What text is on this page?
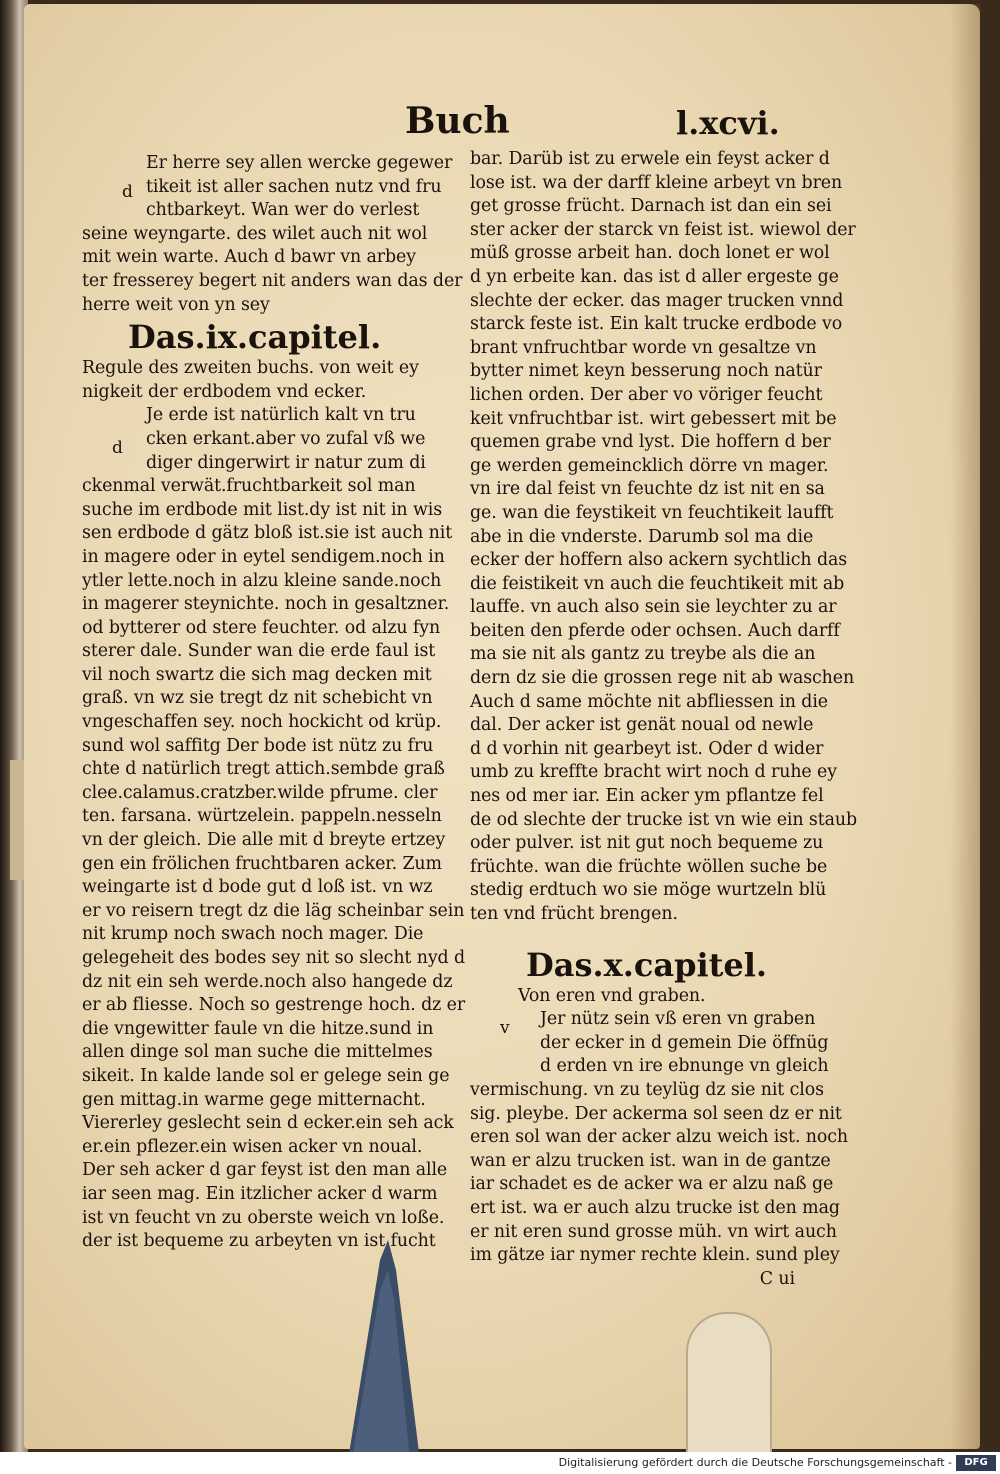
Buch	l.xcvi.
Er herre sey allen wercke gegewer
tikeit ist aller sachen nutz vnd fru
chtbarkeyt. Wan wer do verlest
seine weyngarte. des wilet auch nit wol
mit wein warte. Auch d bawr vn arbey
ter fresserey begert nit anders wan das der
herre weit von yn sey
Das.ix.capitel.
Regule des zweiten buchs. von weit ey
nigkeit der erdbodem vnd ecker.
Je erde ist natürlich kalt vn tru
cken erkant.aber vo zufal vß we
diger dingerwirt ir natur zum di
ckenmal verwät.fruchtbarkeit sol man
suche im erdbode mit list.dy ist nit in wis
sen erdbode d gätz bloß ist.sie ist auch nit
in magere oder in eytel sendigem.noch in
ytler lette.noch in alzu kleine sande.noch
in magerer steynichte. noch in gesaltzner.
od bytterer od stere feuchter. od alzu fyn
sterer dale. Sunder wan die erde faul ist
vil noch swartz die sich mag decken mit
graß. vn wz sie tregt dz nit schebicht vn
vngeschaffen sey. noch hockicht od krüp.
sund wol saffitg Der bode ist nütz zu fru
chte d natürlich tregt attich.sembde graß
clee.calamus.cratzber.wilde pfrume. cler
ten. farsana. würtzelein. pappeln.nesseln
vn der gleich. Die alle mit d breyte ertzey
gen ein frölichen fruchtbaren acker. Zum
weingarte ist d bode gut d loß ist. vn wz
er vo reisern tregt dz die läg scheinbar sein
nit krump noch swach noch mager. Die
gelegeheit des bodes sey nit so slecht nyd d
dz nit ein seh werde.noch also hangede dz
er ab fliesse. Noch so gestrenge hoch. dz er
die vngewitter faule vn die hitze.sund in
allen dinge sol man suche die mittelmes
sikeit. In kalde lande sol er gelege sein ge
gen mittag.in warme gege mitternacht.
Viererley geslecht sein d ecker.ein seh ack
er.ein pflezer.ein wisen acker vn noual.
Der seh acker d gar feyst ist den man alle
iar seen mag. Ein itzlicher acker d warm
ist vn feucht vn zu oberste weich vn loße.
der ist bequeme zu arbeyten vn ist fucht
bar. Darüb ist zu erwele ein feyst acker d
lose ist. wa der darff kleine arbeyt vn bren
get grosse frücht. Darnach ist dan ein sei
ster acker der starck vn feist ist. wiewol der
müß grosse arbeit han. doch lonet er wol
d yn erbeite kan. das ist d aller ergeste ge
slechte der ecker. das mager trucken vnnd
starck feste ist. Ein kalt trucke erdbode vo
brant vnfruchtbar worde vn gesaltze vn
bytter nimet keyn besserung noch natür
lichen orden. Der aber vo vöriger feucht
keit vnfruchtbar ist. wirt gebessert mit be
quemen grabe vnd lyst. Die hoffern d ber
ge werden gemeincklich dörre vn mager.
vn ire dal feist vn feuchte dz ist nit en sa
ge. wan die feystikeit vn feuchtikeit laufft
abe in die vnderste. Darumb sol ma die
ecker der hoffern also ackern sychtlich das
die feistikeit vn auch die feuchtikeit mit ab
lauffe. vn auch also sein sie leychter zu ar
beiten den pferde oder ochsen. Auch darff
ma sie nit als gantz zu treybe als die an
dern dz sie die grossen rege nit ab waschen
Auch d same möchte nit abfliessen in die
dal. Der acker ist genät noual od newle
d d vorhin nit gearbeyt ist. Oder d wider
umb zu kreffte bracht wirt noch d ruhe ey
nes od mer iar. Ein acker ym pflantze fel
de od slechte der trucke ist vn wie ein staub
oder pulver. ist nit gut noch bequeme zu
früchte. wan die früchte wöllen suche be
stedig erdtuch wo sie möge wurtzeln blü
ten vnd frücht brengen.
Das.x.capitel.
Von eren vnd graben.
Jer nütz sein vß eren vn graben
der ecker in d gemein Die öffnüg
d erden vn ire ebnunge vn gleich
vermischung. vn zu teylüg dz sie nit clos
sig. pleybe. Der ackerma sol seen dz er nit
eren sol wan der acker alzu weich ist. noch
wan er alzu trucken ist. wan in de gantze
iar schadet es de acker wa er alzu naß ge
ert ist. wa er auch alzu trucke ist den mag
er nit eren sund grosse müh. vn wirt auch
im gätze iar nymer rechte klein. sund pley
C ui
d
d
v
Digitalisierung gefördert durch die Deutsche Forschungsgemeinschaft -	DFG
